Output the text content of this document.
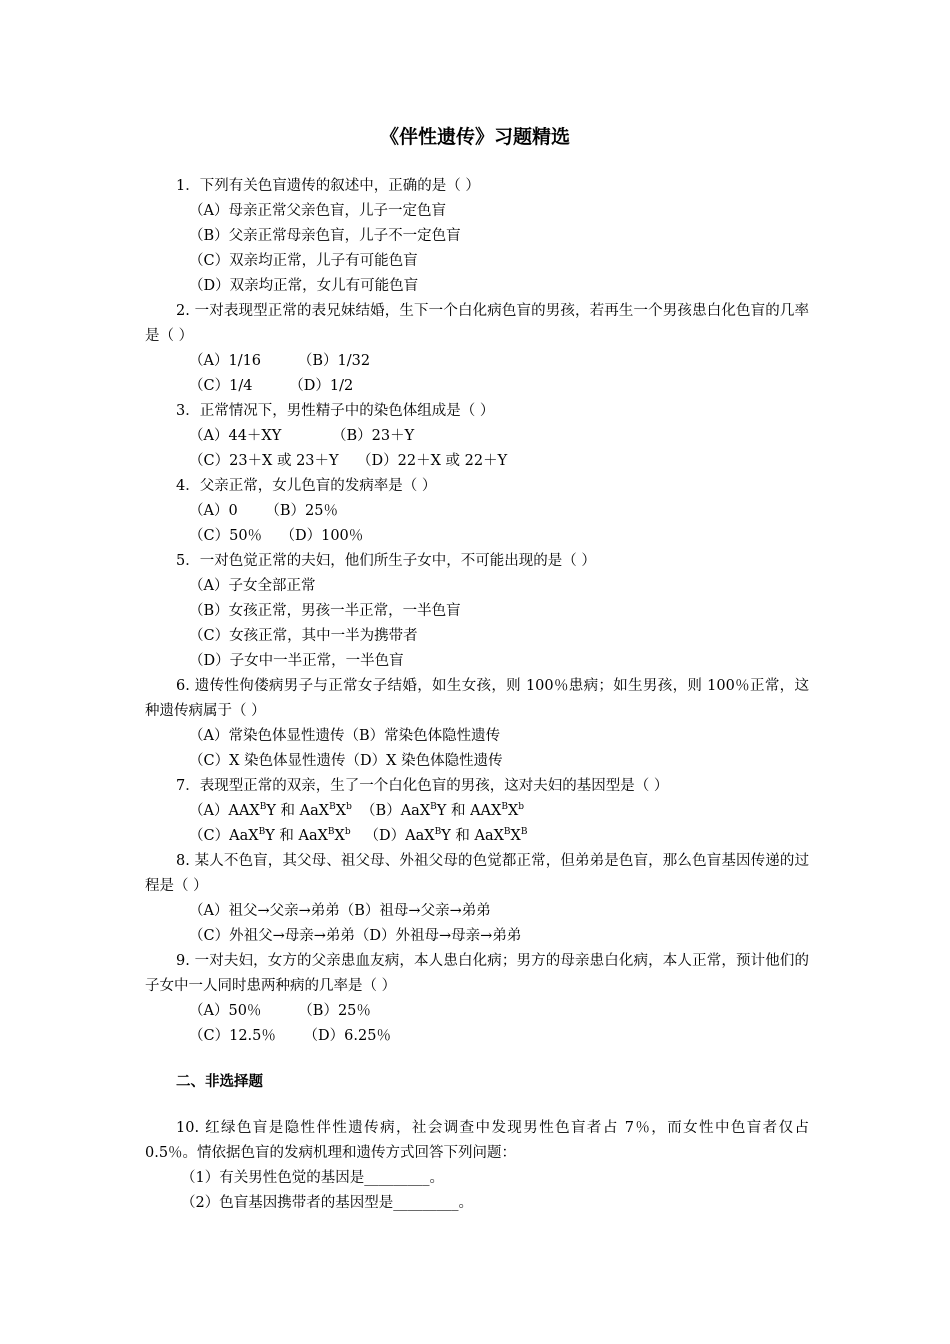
《伴性遗传》习题精选
1．下列有关色盲遗传的叙述中，正确的是（ ）
（A）母亲正常父亲色盲，儿子一定色盲
（B）父亲正常母亲色盲，儿子不一定色盲
（C）双亲均正常，儿子有可能色盲
（D）双亲均正常，女儿有可能色盲
2. 一对表现型正常的表兄妹结婚，生下一个白化病色盲的男孩，若再生一个男孩患白化色盲的几率是（ ）
（A）1/16        （B）1/32
（C）1/4        （D）1/2
3．正常情况下，男性精子中的染色体组成是（ ）
（A）44＋XY           （B）23＋Y
（C）23＋X 或 23＋Y    （D）22＋X 或 22＋Y
4．父亲正常，女儿色盲的发病率是（ ）
（A）0      （B）25％
（C）50％    （D）100％
5．一对色觉正常的夫妇，他们所生子女中，不可能出现的是（ ）
（A）子女全部正常
（B）女孩正常，男孩一半正常，一半色盲
（C）女孩正常，其中一半为携带者
（D）子女中一半正常，一半色盲
6. 遗传性佝偻病男子与正常女子结婚，如生女孩，则 100％患病；如生男孩，则 100％正常，这种遗传病属于（ ）
（A）常染色体显性遗传（B）常染色体隐性遗传
（C）X 染色体显性遗传（D）X 染色体隐性遗传
7．表现型正常的双亲，生了一个白化色盲的男孩，这对夫妇的基因型是（ ）
$(A)AAX^BY$ 和 $AaX^BX^b$ （B）AaX$^B$Y 和 $AAX^BX^b$
（C）AaX$^B$Y 和 $AaX^BX^b$ （D）AaX$^B$Y 和 $AaX^BX^B$
8. 某人不色盲，其父母、祖父母、外祖父母的色觉都正常，但弟弟是色盲，那么色盲基因传递的过程是（ ）
（A）祖父→父亲→弟弟（B）祖母→父亲→弟弟
（C）外祖父→母亲→弟弟（D）外祖母→母亲→弟弟
9. 一对夫妇，女方的父亲患血友病，本人患白化病；男方的母亲患白化病，本人正常，预计他们的子女中一人同时患两种病的几率是（ ）
（A）50％        （B）25％
（C）12.5％      （D）6.25％
二、非选择题
10. 红绿色盲是隐性伴性遗传病，社会调查中发现男性色盲者占 7％，而女性中色盲者仅占 0.5％。情依据色盲的发病机理和遗传方式回答下列问题：
（1）有关男性色觉的基因是_________。
（2）色盲基因携带者的基因型是_________。
